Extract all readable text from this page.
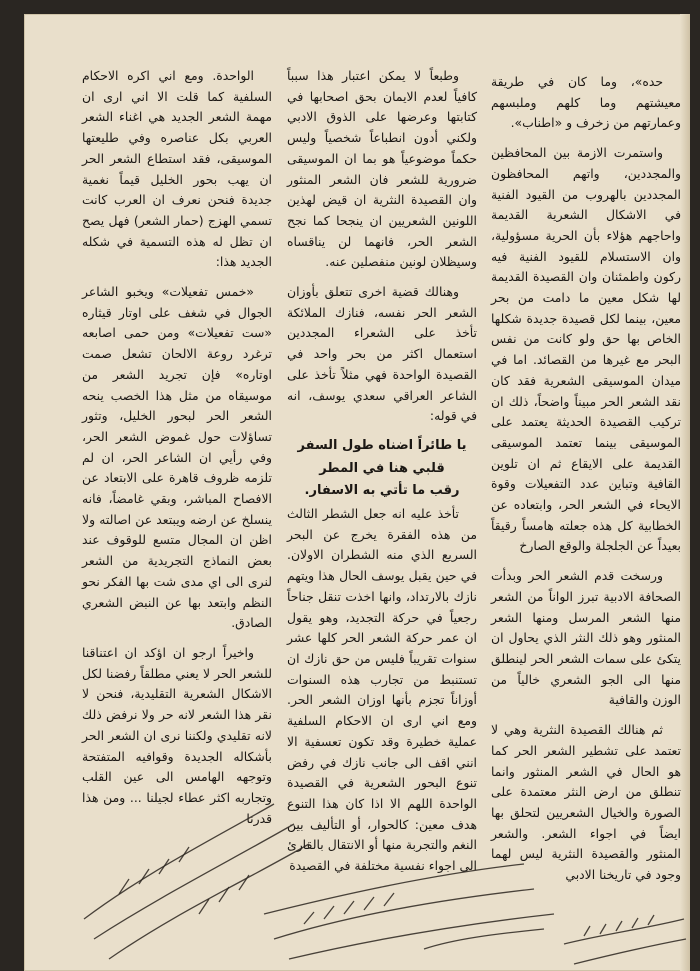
حده»، وما كان في طريقة معيشتهم وما كلهم وملبسهم وعمارتهم من زخرف و «اطناب».

واستمرت الازمة بين المحافظين والمجددين، واتهم المحافظون المجددين بالهروب من القيود الفنية في الاشكال الشعرية القديمة واحاجهم هؤلاء بأن الحرية مسؤولية، وان الاستسلام للقيود الفنية فيه ركون واطمئنان وان القصيدة القديمة لها شكل معين ما دامت من بحر معين، بينما لكل قصيدة جديدة شكلها الخاص بها حق ولو كانت من نفس البحر مع غيرها من القصائد. اما في ميدان الموسيقى الشعرية فقد كان نقد الشعر الحر مبيناً واضحاً، ذلك ان تركيب القصيدة الحديثة يعتمد على الموسيقى بينما تعتمد الموسيقى القديمة على الايقاع ثم ان تلوين القافية وتباين عدد التفعيلات وقوة الايحاء في الشعر الحر، وابتعاده عن الخطابية كل هذه جعلته هامساً رقيقاً بعيداً عن الجلجلة والوقع الصارخ

ورسخت قدم الشعر الحر وبدأت الصحافة الادبية تبرز الواناً من الشعر منها الشعر المرسل ومنها الشعر المنثور وهو ذلك النثر الذي يحاول ان يتكئ على سمات الشعر الحر لينطلق منها الى الجو الشعري خالياً من الوزن والقافية

ثم هنالك القصيدة النثرية وهي لا تعتمد على تشطير الشعر الحر كما هو الحال في الشعر المنثور وانما تنطلق من ارض النثر معتمدة على الصورة والخيال الشعريين لتحلق بها ايضاً في اجواء الشعر. والشعر المنثور والقصيدة النثرية ليس لهما وجود في تاريخنا الادبي

وطبعاً لا يمكن اعتبار هذا سبباً كافياً لعدم الايمان بحق اصحابها في كتابتها وعرضها على الذوق الادبي ولكني أدون انطباعاً شخصياً وليس حكماً موضوعياً هو بما ان الموسيقى ضرورية للشعر فان الشعر المنثور وان القصيدة النثرية ان قيض لهذين اللونين الشعريين ان ينجحا كما نجح الشعر الحر، فانهما لن يناقساه وسيظلان لونين منفصلين عنه.

وهنالك قضية اخرى تتعلق بأوزان الشعر الحر نفسه، فنازك الملائكة تأخذ على الشعراء المجددين استعمال اكثر من بحر واحد في القصيدة الواحدة فهي مثلاً تأخذ على الشاعر العراقي سعدي يوسف، انه في قوله:

يا طائراً اضناه طول السفر

قلبي هنا في المطر

رقب ما تأتي به الاسفار.

تأخذ عليه انه جعل الشطر الثالث من هذه الفقرة يخرج عن البحر السريع الذي منه الشطران الاولان. في حين يقبل يوسف الحال هذا ويتهم نازك بالارتداد، وانها اخذت تنقل جناحاً رجعياً في حركة التجديد، وهو يقول ان عمر حركة الشعر الحر كلها عشر سنوات تقريباً فليس من حق نازك ان تستنبط من تجارب هذه السنوات أوزاناً تجزم بأنها اوزان الشعر الحر. ومع اني ارى ان الاحكام السلفية عملية خطيرة وقد تكون تعسفية الا انني اقف الى جانب نازك في رفض تنوع البحور الشعرية في القصيدة الواحدة اللهم الا اذا كان هذا التنوع هدف معين: كالحوار، أو التأليف بين النغم والتجربة منها أو الانتقال بالقارئ الى اجواء نفسية مختلفة في القصيدة

الواحدة. ومع اني اكره الاحكام السلفية كما قلت الا اني ارى ان مهمة الشعر الجديد هي اغناء الشعر العربي بكل عناصره وفي طليعتها الموسيقى، فقد استطاع الشعر الحر ان يهب بحور الخليل قيماً نغمية جديدة فنحن نعرف ان العرب كانت تسمي الهزج (حمار الشعر) فهل يصح ان تظل له هذه التسمية في شكله الجديد هذا:

«خمس تفعيلات» ويخبو الشاعر الجوال في شغف على اوتار قيثاره «ست تفعيلات» ومن حمى اصابعه ترغرد روعة الالحان تشعل صمت اوتاره» فإن تجريد الشعر من موسيقاه من مثل هذا الخصب ينحه الشعر الحر لبحور الخليل، وتثور تساؤلات حول غموض الشعر الحر، وفي رأيي ان الشاعر الحر، ان لم تلزمه ظروف قاهرة على الابتعاد عن الافصاح المباشر، وبقي غامضاً، فانه ينسلخ عن ارضه ويبتعد عن اصالته ولا اظن ان المجال متسع للوقوف عند بعض النماذج التجريدية من الشعر لنرى الى اي مدى شت بها الفكر نحو النظم وابتعد بها عن النبض الشعري الصادق.

واخيراً ارجو ان اؤكد ان اعتناقنا للشعر الحر لا يعني مطلقاً رفضنا لكل الاشكال الشعرية التقليدية، فنحن لا نقر هذا الشعر لانه حر ولا نرفض ذلك لانه تقليدي ولكننا نرى ان الشعر الحر بأشكاله الجديدة وقوافيه المتفتحة وتوجهه الهامس الى عين القلب وتجاربه اكثر عطاء لجيلنا ... ومن هذا قدرنا
